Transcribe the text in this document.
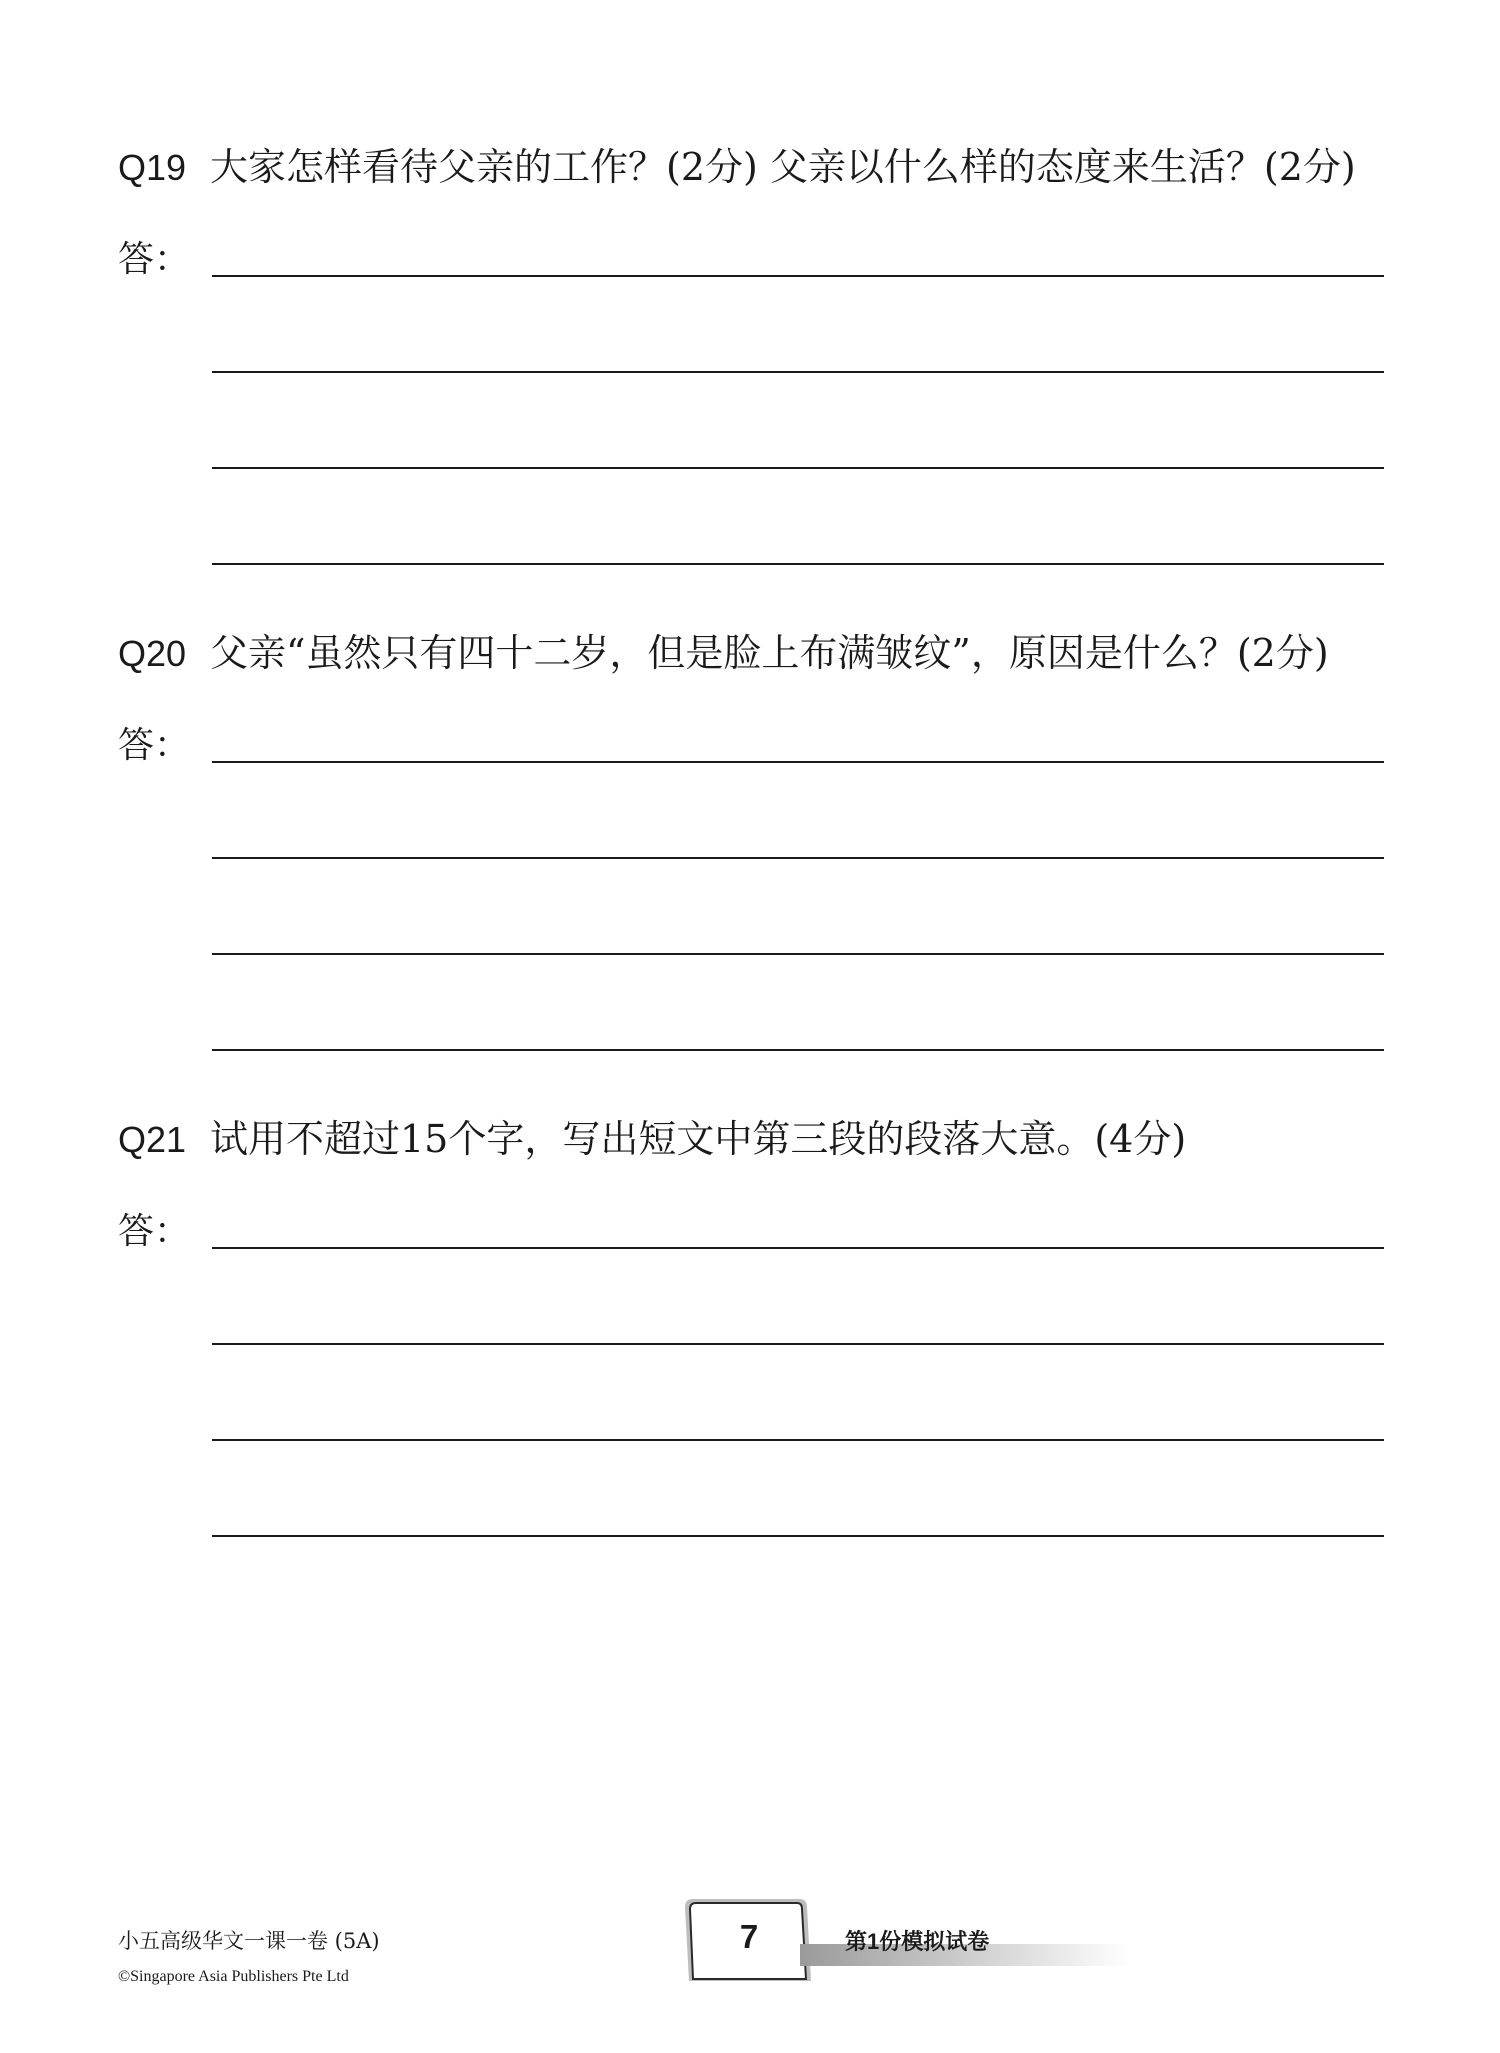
Q19 大家怎样看待父亲的工作？(2分) 父亲以什么样的态度来生活？(2分)
答：
Q20 父亲“虽然只有四十二岁，但是脸上布满皱纹”，原因是什么？(2分)
答：
Q21 试用不超过15个字，写出短文中第三段的段落大意。(4分)
答：
小五高级华文一课一卷 (5A)
©Singapore Asia Publishers Pte Ltd
7	第1份模拟试卷
